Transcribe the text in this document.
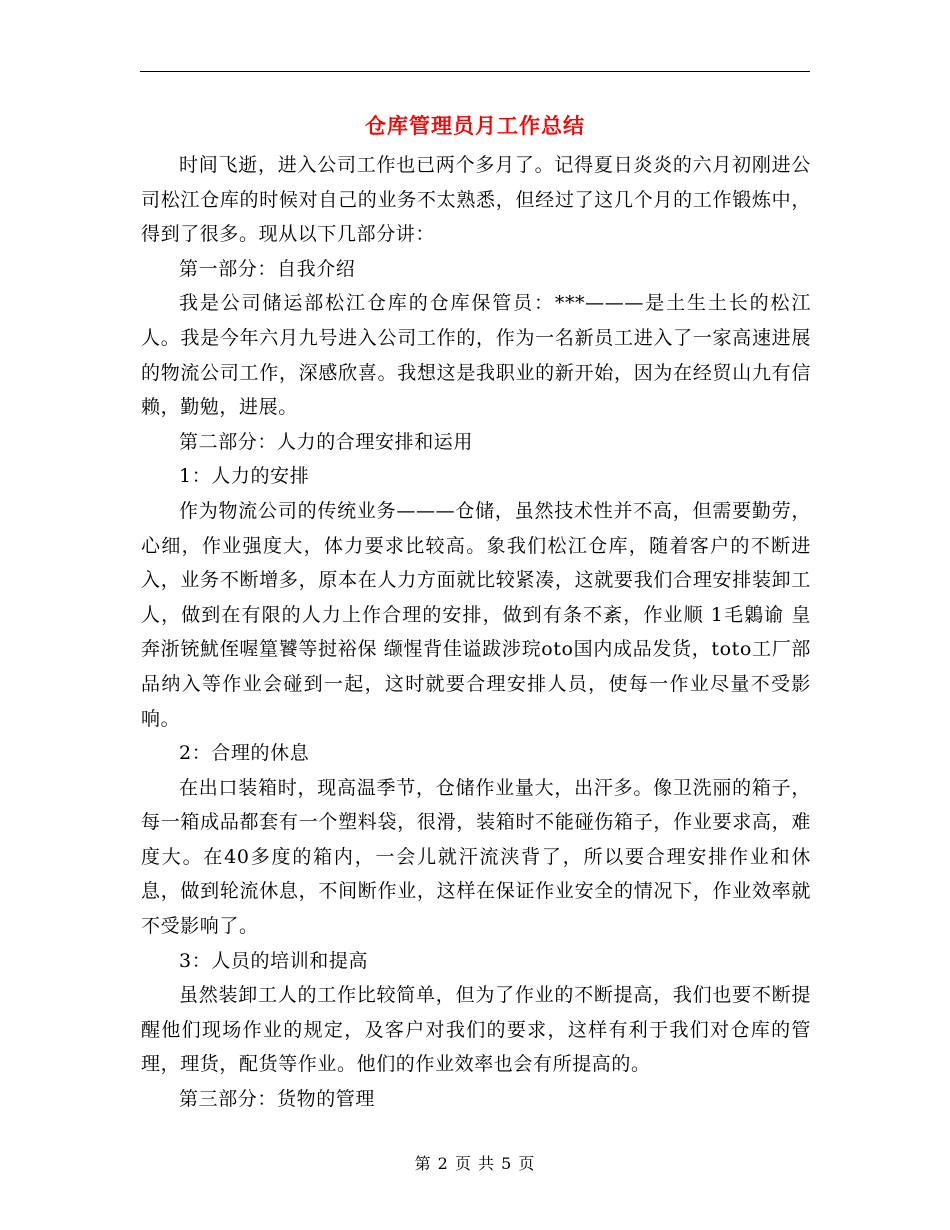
仓库管理员月工作总结

时间飞逝，进入公司工作也已两个多月了。记得夏日炎炎的六月初刚进公司松江仓库的时候对自己的业务不太熟悉，但经过了这几个月的工作锻炼中，得到了很多。现从以下几部分讲：

第一部分：自我介绍

我是公司储运部松江仓库的仓库保管员：***———是土生土长的松江人。我是今年六月九号进入公司工作的，作为一名新员工进入了一家高速进展的物流公司工作，深感欣喜。我想这是我职业的新开始，因为在经贸山九有信赖，勤勉，进展。

第二部分：人力的合理安排和运用

1：人力的安排

作为物流公司的传统业务———仓储，虽然技术性并不高，但需要勤劳，心细，作业强度大，体力要求比较高。象我们松江仓库，随着客户的不断进入，业务不断增多，原本在人力方面就比较紧凑，这就要我们合理安排装卸工人，做到在有限的人力上作合理的安排，做到有条不紊，作业顺 1毛鷍谕 皇奔浙铳魷侄喔篂饕等挝裕保 缬惺背佳谥跋涉琓oto国内成品发货，toto工厂部品纳入等作业会碰到一起，这时就要合理安排人员，使每一作业尽量不受影响。

2：合理的休息

在出口装箱时，现高温季节，仓储作业量大，出汗多。像卫洗丽的箱子，每一箱成品都套有一个塑料袋，很滑，装箱时不能碰伤箱子，作业要求高，难度大。在40多度的箱内，一会儿就汗流浃背了，所以要合理安排作业和休息，做到轮流休息，不间断作业，这样在保证作业安全的情况下，作业效率就不受影响了。

3：人员的培训和提高

虽然装卸工人的工作比较简单，但为了作业的不断提高，我们也要不断提醒他们现场作业的规定，及客户对我们的要求，这样有利于我们对仓库的管理，理货，配货等作业。他们的作业效率也会有所提高的。

第三部分：货物的管理

第 2 页 共 5 页
